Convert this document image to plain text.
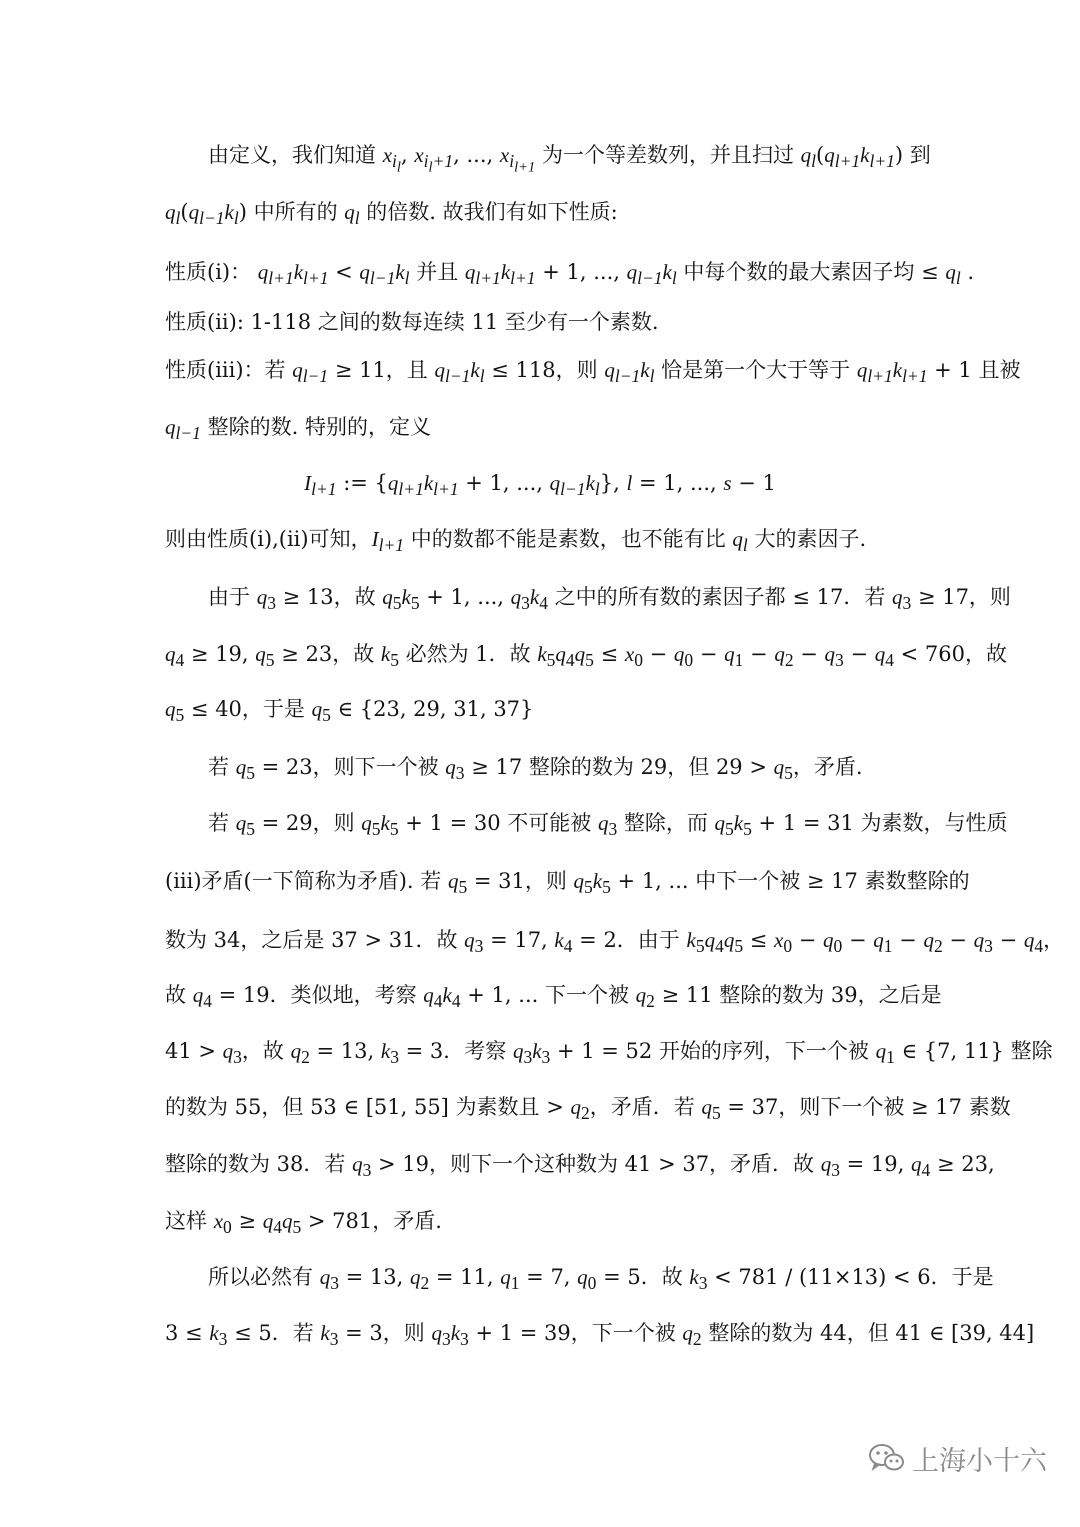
由定义，我们知道 $x_{i_l}$, $x_{i_l+1}$, ..., $x_{i_{l+1}}$ 为一个等差数列，并且扫过 $q_l(q_{l+1}k_{l+1})$ 到
$q_l(q_{l-1}k_l)$ 中所有的 $q_l$ 的倍数. 故我们有如下性质:
性质(i)： $q_{l+1}k_{l+1} < q_{l-1}k_l$ 并且 $q_{l+1}k_{l+1} + 1$, ..., $q_{l-1}k_l$ 中每个数的最大素因子均 ≤ $q_l$ .
性质(ii): 1-118 之间的数每连续 11 至少有一个素数.
性质(iii)：若 $q_{l-1} \ge 11$，且 $q_{l-1}k_l \le 118$，则 $q_{l-1}k_l$ 恰是第一个大于等于 $q_{l+1}k_{l+1} + 1$ 且被
$q_{l-1}$ 整除的数. 特别的，定义
$I_{l+1}$ := {$q_{l+1}k_{l+1} + 1$, ..., $q_{l-1}k_l$}, l = 1, ..., s − 1
则由性质(i),(ii)可知，$I_{l+1}$ 中的数都不能是素数，也不能有比 $q_l$ 大的素因子.
由于 $q_3 \ge 13$，故 $q_5k_5 + 1$, ..., $q_3k_4$ 之中的所有数的素因子都 ≤ 17．若 $q_3 \ge 17$，则
$q_4 \ge 19$, $q_5 \ge 23$，故 $k_5$ 必然为 1．故 $k_5q_4q_5 \le x_0 - q_0 - q_1 - q_2 - q_3 - q_4 < 760$，故
$q_5 \le 40$，于是 $q_5$ ∈ {23, 29, 31, 37}
若 $q_5 = 23$，则下一个被 $q_3 \ge 17$ 整除的数为 29，但 $29 > q_5$，矛盾.
若 $q_5 = 29$，则 $q_5k_5 + 1 = 30$ 不可能被 $q_3$ 整除，而 $q_5k_5 + 1 = 31$ 为素数，与性质
(iii)矛盾(一下简称为矛盾). 若 $q_5 = 31$，则 $q_5k_5 + 1$, ... 中下一个被 ≥ 17 素数整除的
数为 34，之后是 37 > 31．故 $q_3 = 17$, $k_4 = 2$．由于 $k_5q_4q_5 \le x_0 - q_0 - q_1 - q_2 - q_3 - q_4$，
故 $q_4 = 19$．类似地，考察 $q_4k_4 + 1$, ... 下一个被 $q_2 \ge 11$ 整除的数为 39，之后是
$41 > q_3$，故 $q_2 = 13$, $k_3 = 3$．考察 $q_3k_3 + 1 = 52$ 开始的序列，下一个被 $q_1$ ∈ {7, 11} 整除
的数为 55，但 53 ∈ [51, 55] 为素数且 > $q_2$，矛盾．若 $q_5 = 37$，则下一个被 ≥ 17 素数
整除的数为 38．若 $q_3 > 19$，则下一个这种数为 41 > 37，矛盾．故 $q_3 = 19$, $q_4 \ge 23$,
这样 $x_0 \ge q_4q_5 > 781$，矛盾.
所以必然有 $q_3 = 13$, $q_2 = 11$, $q_1 = 7$, $q_0 = 5$．故 $k_3 < 781 / (11\times 13) < 6$．于是
$3 \le k_3 \le 5$．若 $k_3 = 3$，则 $q_3k_3 + 1 = 39$，下一个被 $q_2$ 整除的数为 44，但 41 ∈ [39, 44]
上海小十六
